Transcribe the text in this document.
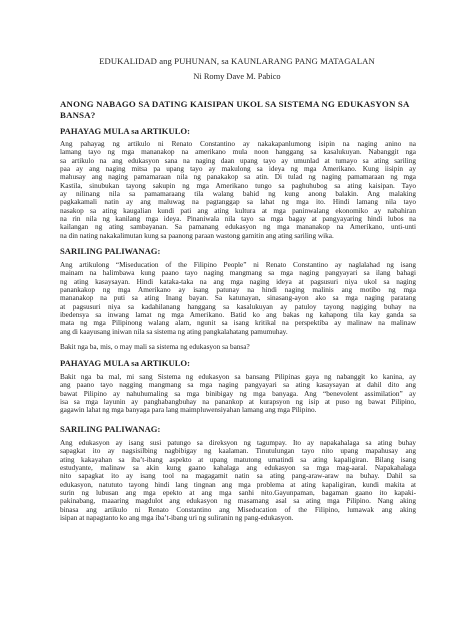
EDUKALIDAD ang PUHUNAN, sa KAUNLARANG PANG MATAGALAN
Ni Romy Dave M. Pabico
ANONG NABAGO SA DATING KAISIPAN UKOL SA SISTEMA NG EDUKASYON SA
BANSA?
PAHAYAG MULA sa ARTIKULO:
Ang pahayag ng artikulo ni Renato Constantino ay nakakapanlumong isipin na naging anino na
lamang tayo ng mga mananakop na amerikano mula noon hanggang sa kasalukuyan. Nabanggit nga
sa artikulo na ang edukasyon sana na naging daan upang tayo ay umunlad at tumayo sa ating sariling
paa ay ang naging mitsa pa upang tayo ay makulong sa ideya ng mga Amerikano. Kung iisipin ay
mahusay ang naging pamamaraan nila ng panakakop sa atin. Di tulad ng naging pamamaraan ng mga
Kastila, sinubukan tayong sakupin ng mga Amerikano tungo sa paghuhubog sa ating kaisipan. Tayo
ay nilinang nila sa pamamaraang tila walang bahid ng kung anong balakin. Ang malaking
pagkakamali natin ay ang maluwag na pagtanggap sa lahat ng mga ito. Hindi lamang nila tayo
nasakop sa ating kaugalian kundi pati ang ating kultura at mga paninwalang ekonomiko ay nabahiran
na rin nila ng kanilang mga ideya. Pinaniwala nila tayo sa mga bagay at pangyayaring hindi lubos na
kailangan ng ating sambayanan. Sa pamanang edukasyon ng mga mananakop na Amerikano, unti-unti
na din nating nakakalimutan kung sa paanong paraan wastong gamitin ang ating sariling wika.
SARILING PALIWANAG:
Ang artikulong “Miseducation of the Filipino People” ni Renato Constantino ay naglalahad ng isang
mainam na halimbawa kung paano tayo naging mangmang sa mga naging pangyayari sa ilang bahagi
ng ating kasaysayan. Hindi kataka-taka na ang mga naging ideya at pagsusuri niya ukol sa naging
panankakop ng mga Amerikano ay isang patunay na hindi naging malinis ang motibo ng mga
mananakop na puti sa ating Inang bayan. Sa katunayan, sinasang-ayon ako sa mga naging paratang
at pagsusuri niya sa kadahilanang hanggang sa kasalukuyan ay patuloy tayong nagiging buhay na
ibedensya sa inwang lamat ng mga Amerikano. Batid ko ang bakas ng kahapong tila kay ganda sa
mata ng mga Pilipinong walang alam, ngunit sa isang kritikal na perspektiba ay malinaw na malinaw
ang di kaayusang iniwan nila sa sistema ng ating pangkalahatang pamumuhay.
Bakit nga ba, mis, o may mali sa sistema ng edukasyon sa bansa?
PAHAYAG MULA sa ARTIKULO:
Bakit nga ba mal, mi sang Sistema ng edukasyon sa bansang Pilipinas gaya ng nabanggit ko kanina, ay
ang paano tayo nagging mangmang sa mga naging pangyayari sa ating kasaysayan at dahil dito ang
bawat Pilipino ay nahuhumaling sa mga binibigay ng mga banyaga. Ang “benevolent assimilation” ay
isa sa mga layunin ay panghabangbuhay na panankop at kurapsyon ng isip at puso ng bawat Pilipino,
gagawin lahat ng mga banyaga para lang maimpluwensiyahan lamang ang mga Pilipino.
SARILING PALIWANAG:
Ang edukasyon ay isang susi patungo sa direksyon ng tagumpay. Ito ay napakahalaga sa ating buhay
sapagkat ito ay nagsisilbing nagbibigay ng kaalaman. Tinutulungan tayo nito upang mapahusay ang
ating kakayahan sa iba’t-ibang aspekto at upang matutong umatindi sa ating kapaligiran. Bilang isang
estudyante, malinaw sa akin kung gaano kahalaga ang edukasyon sa mga mag-aaral. Napakahalaga
nito sapagkat ito ay isang tool na magagamit natin sa ating pang-araw-araw na buhay. Dahil sa
edukasyon, natututo tayong hindi lang tingnan ang mga problema at ating kapaligiran, kundi makita at
surin ng lubusan ang mga epekto at ang mga sanhi nito.Gayunpaman, bagaman gaano ito kapaki-
pakinabang, maaaring magdulot ang edukasyon ng masamang asal sa ating mga Pilipino. Nang aking
binasa ang artikulo ni Renato Constantino ang Miseducation of the Filipino, lumawak ang aking
isipan at napagtanto ko ang mga iba’t-ibang uri ng suliranin ng pang-edukasyon.
